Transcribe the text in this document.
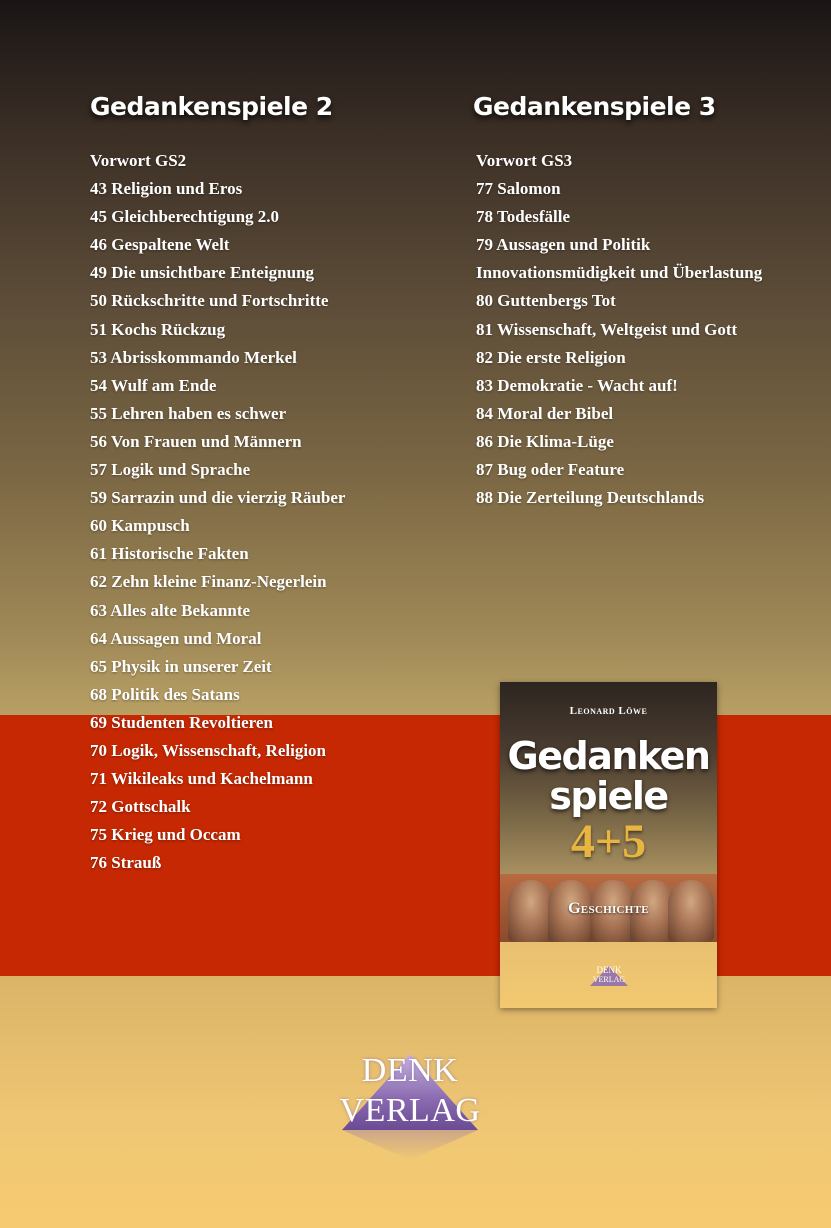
Gedankenspiele 2
Vorwort GS2
43 Religion und Eros
45 Gleichberechtigung 2.0
46 Gespaltene Welt
49 Die unsichtbare Enteignung
50 Rückschritte und Fortschritte
51 Kochs Rückzug
53 Abrisskommando Merkel
54 Wulf am Ende
55 Lehren haben es schwer
56 Von Frauen und Männern
57 Logik und Sprache
59 Sarrazin und die vierzig Räuber
60 Kampusch
61 Historische Fakten
62 Zehn kleine Finanz-Negerlein
63 Alles alte Bekannte
64 Aussagen und Moral
65 Physik in unserer Zeit
68 Politik des Satans
69 Studenten Revoltieren
70 Logik, Wissenschaft, Religion
71 Wikileaks und Kachelmann
72 Gottschalk
75 Krieg und Occam
76 Strauß
Gedankenspiele 3
Vorwort GS3
77 Salomon
78 Todesfälle
79 Aussagen und Politik
Innovationsmüdigkeit und Überlastung
80 Guttenbergs Tot
81 Wissenschaft, Weltgeist und Gott
82 Die erste Religion
83 Demokratie - Wacht auf!
84 Moral der Bibel
86 Die Klima-Lüge
87 Bug oder Feature
88 Die Zerteilung Deutschlands
Leonard Löwe
Gedanken
spiele
4+5
Geschichte
DENK
VERLAG
DENK
VERLAG
